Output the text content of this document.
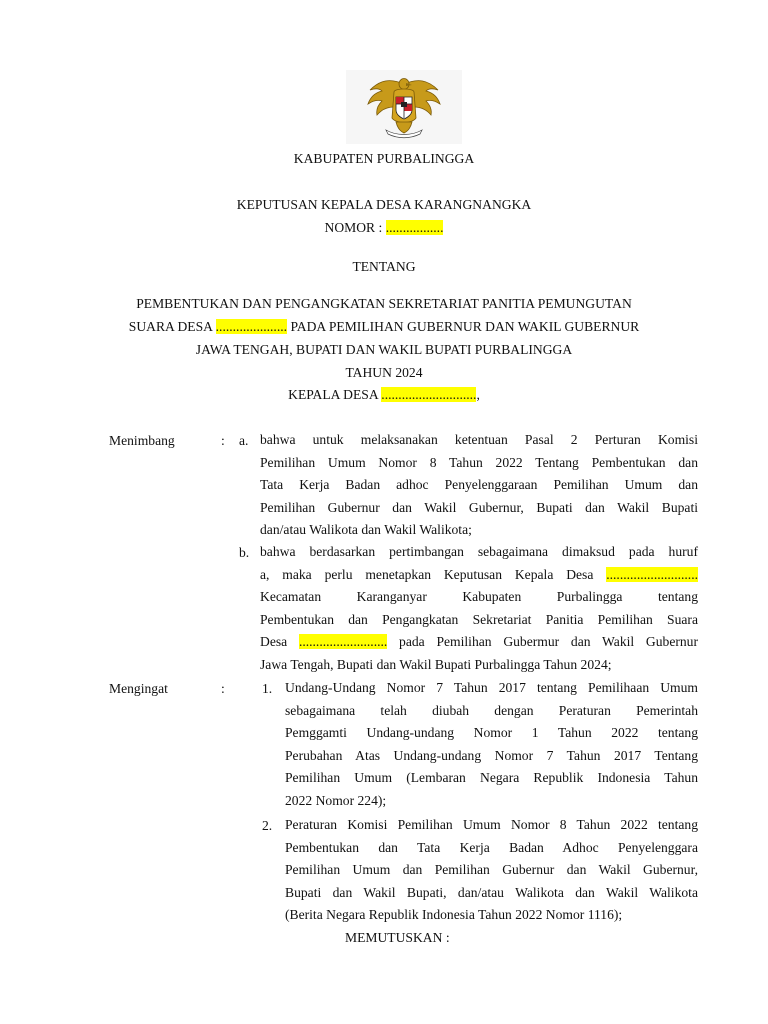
KABUPATEN PURBALINGGA
KEPUTUSAN KEPALA DESA KARANGNANGKA
NOMOR : .................
TENTANG
PEMBENTUKAN DAN PENGANGKATAN SEKRETARIAT PANITIA PEMUNGUTAN
SUARA DESA ..................... PADA PEMILIHAN GUBERNUR DAN WAKIL GUBERNUR
JAWA TENGAH, BUPATI DAN WAKIL BUPATI PURBALINGGA
TAHUN 2024
KEPALA DESA ............................,
Menimbang	: a. bahwa untuk melaksanakan ketentuan Pasal 2 Perturan Komisi
Pemilihan Umum Nomor 8 Tahun 2022 Tentang Pembentukan dan
Tata Kerja Badan adhoc Penyelenggaraan Pemilihan Umum dan
Pemilihan Gubernur dan Wakil Gubernur, Bupati dan Wakil Bupati
dan/atau Walikota dan Wakil Walikota;
b. bahwa berdasarkan pertimbangan sebagaimana dimaksud pada huruf
a, maka perlu menetapkan Keputusan Kepala Desa ...........................
Kecamatan Karanganyar Kabupaten Purbalingga tentang
Pembentukan dan Pengangkatan Sekretariat Panitia Pemilihan Suara
Desa .......................... pada Pemilihan Gubermur dan Wakil Gubernur
Jawa Tengah, Bupati dan Wakil Bupati Purbalingga Tahun 2024;
Mengingat	:	1. Undang-Undang Nomor 7 Tahun 2017 tentang Pemilihaan Umum
sebagaimana telah diubah dengan Peraturan Pemerintah
Pemggamti Undang-undang Nomor 1 Tahun 2022 tentang
Perubahan Atas Undang-undang Nomor 7 Tahun 2017 Tentang
Pemilihan Umum (Lembaran Negara Republik Indonesia Tahun
2022 Nomor 224);
2. Peraturan Komisi Pemilihan Umum Nomor 8 Tahun 2022 tentang
Pembentukan dan Tata Kerja Badan Adhoc Penyelenggara
Pemilihan Umum dan Pemilihan Gubernur dan Wakil Gubernur,
Bupati dan Wakil Bupati, dan/atau Walikota dan Wakil Walikota
(Berita Negara Republik Indonesia Tahun 2022 Nomor 1116);
MEMUTUSKAN :
